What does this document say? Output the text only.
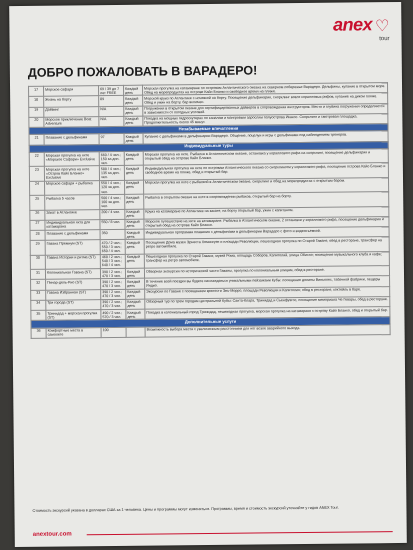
anex ♡
tour
ДОБРО ПОЖАЛОВАТЬ В ВАРАДЕРО!
17	Морское сафари	69 / 39 до 7 лет FREE	Каждый день	Морская прогулка на катамаране по островам Атлантического океана на северном побережье Варадеро. Дельфины, купание в открытом море. Обед на морепродуктах на острове Кайо Бланко и свободное время на пляже.
18	Жизнь на борту	89	Каждый день	Морской круиз по Атлантике с ночевкой на борту. Посещение дельфинария, снорклинг возле коралловых рифов, купание на диком пляже. Обед и ужин на борту, бар включен.
19	Дайвинг	N/A	Каждый день	Погружения в открытом океане для сертифицированных дайверов в сопровождении инструкторов. Место и глубина погружения определяются в зависимости от погодных условий.
20	Морское приключение Boat Adventure	N/A	Каждый день	Поездка на мощных гидроскутерах по каналам и мангровым зарослям полуострова Икакос. Снорклинг и смотровая площадка. Продолжительность около 45 минут.
Незабываемые впечатления				
21	Плавание с дельфинами	97	Каждый день	Купание с дельфинами в дельфинарии Варадеро. Общение, поцелуи и игры с дельфинами под наблюдением тренеров.
Индивидуальные туры				
22	Морская прогулка на яхте «Морское Сафари» Exclusive	660 / 4 чел.; 150 за доп. чел.	Каждый день	Морская прогулка на яхте. Рыбалка в Атлантическом океане, остановка у кораллового рифа на снорклинг, посещение дельфинария и открытый обед на острове Кайо Бланко.
23	Морская прогулка на яхте «Остров Кайо Бланко» Exclusive	580 / 4 чел.; 135 за доп. чел.	Каждый день	Индивидуальная прогулка на яхте по островам Атлантического океана со снорклингом у кораллового рифа, посещение острова Кайо Бланко и свободное время на пляже, обед и открытый бар.
24	Морское сафари + рыбалка	550 / 4 чел.; 120 за доп. чел.	Каждый день	Морская прогулка на яхте с рыбалкой в Атлантическом океане, снорклинг и обед на морепродуктах с открытым баром.
25	Рыбалка 5 часов	500 / 4 чел.; 100 за доп. чел.	Каждый день	Рыбалка в открытом океане на яхте в сопровождении рыбаков, открытый бар на борту.
26	Закат в Атлантике	200 / 4 чел.	Каждый день	Круиз на катамаране по Атлантике на закате, на борту открытый бар, ужин с капитаном.
27	Индивидуальная яхта для катамарана	550 / 8 чел.	Каждый день	Морское путешествие на яхте на катамаране. Рыбалка в Атлантическом океане, 2 остановки у кораллового рифа, посещение дельфинария и открытый обед на острове Кайо Бланко.
28	Плавание с дельфинами	350	Каждый день	Индивидуальная программа плавания с дельфинами в дельфинарии Варадеро с фото и видеосъемкой.
29	Гавана Премиум (ST)	470 / 2 чел.; 550 / 3 чел.; 650 / 4 чел.	Каждый день	Посещение Дома музея Эрнеста Хемингуэя и площади Революции, пешеходная прогулка по Старой Гаване, обед в ресторане, трансфер на ретро автомобиле.
30	Гавана Истории и ритма (ST)	460 / 2 чел.; 540 / 3 чел.; 640 / 4 чел.	Каждый день	Пешеходная прогулка по Старой Гаване, музей Рома, площадь Соборов, Капитолий, улица Обиспо; посещение музыкального клуба и кафе; трансфер на ретро автомобиле.
31	Колониальная Гавана (ST)	390 / 2 чел.; 470 / 3 чел.	Каждый день	Обзорная экскурсия по исторической части Гаваны, прогулка по колониальным улицам, обед в ресторане.
32	Пинар-дель-Рио (ST)	390 / 2 чел.; 470 / 3 чел.	Каждый день	В течение всей поездки вы будете наслаждаться уникальными пейзажами Кубы: посещение долины Виньялес, табачной фабрики, пещеры Индио.
33	Гавана Избранная (ST)	390 / 2 чел.; 470 / 3 чел.	Каждый день	Экскурсия по Гаване с посещением крепости Эль-Морро, площади Революции и Капитолия; обед в ресторане, коктейль в баре.
34	Три города (ST)	390 / 2 чел.; 470 / 3 чел.	Каждый день	Обзорный тур по трем городам центральной Кубы: Санта-Клара, Тринидад и Сьенфуэгос, посещение мемориала Че Гевары, обед в ресторане.
35	Тринидад + морская прогулка (ST)	490 / 2 чел.; 570 / 3 чел.	Каждый день	Поездка в колониальный город Тринидад, пешеходная прогулка, морская прогулка на катамаране к острову Кайо Бланко, обед и открытый бар.
Дополнительные услуги				
36	Комфортные места в самолете	100		Возможность выбора места с увеличенным расстоянием для ног возле аварийного выхода.
Стоимость экскурсий указана в долларах США за 1 человека. Цены и программы могут изменяться. Программы, время и стоимость экскурсий уточняйте у гидов ANEX Tour.
anextour.com
